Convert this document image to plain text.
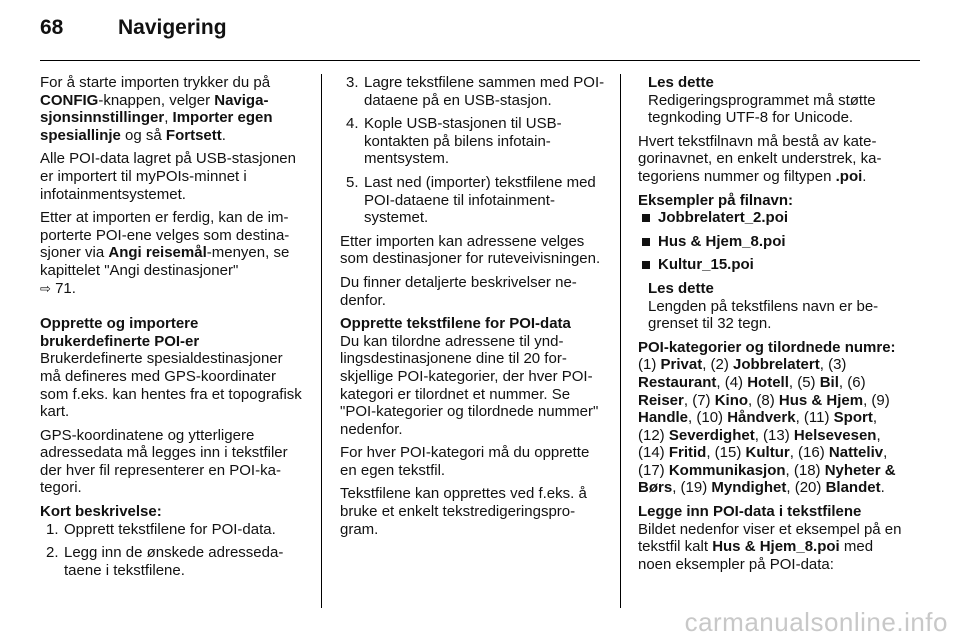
68	Navigering

For å starte importen trykker du på CONFIG-knappen, velger Navigasjonsinnstillinger, Importer egen spesiallinje og så Fortsett.

Alle POI-data lagret på USB-stasjonen er importert til myPOIs-minnet i infotainmentsystemet.

Etter at importen er ferdig, kan de importerte POI-ene velges som destinasjoner via Angi reisemål-menyen, se kapittelet "Angi destinasjoner"
⇨ 71.

Opprette og importere
brukerdefinerte POI-er

Brukerdefinerte spesialdestinasjoner må defineres med GPS-koordinater som f.eks. kan hentes fra et topografisk kart.

GPS-koordinatene og ytterligere adressedata må legges inn i tekstfiler der hver fil representerer en POI-kategori.

Kort beskrivelse:

1. Opprett tekstfilene for POI-data.
2. Legg inn de ønskede adressedataene i tekstfilene.
3. Lagre tekstfilene sammen med POI-dataene på en USB-stasjon.
4. Kople USB-stasjonen til USB-kontakten på bilens infotainmentsystem.
5. Last ned (importer) tekstfilene med POI-dataene til infotainmentsystemet.

Etter importen kan adressene velges som destinasjoner for ruteveivisningen.

Du finner detaljerte beskrivelser nedenfor.

Opprette tekstfilene for POI-data

Du kan tilordne adressene til yndlingsdestinasjonene dine til 20 forskjellige POI-kategorier, der hver POI-kategori er tilordnet et nummer. Se "POI-kategorier og tilordnede nummer" nedenfor.

For hver POI-kategori må du opprette en egen tekstfil.

Tekstfilene kan opprettes ved f.eks. å bruke et enkelt tekstredigeringsprogram.

Les dette
Redigeringsprogrammet må støtte tegnkoding UTF-8 for Unicode.

Hvert tekstfilnavn må bestå av kategorinavnet, en enkelt understrek, kategoriens nummer og filtypen .poi.

Eksempler på filnavn:

Jobbrelatert_2.poi
Hus & Hjem_8.poi
Kultur_15.poi

Les dette
Lengden på tekstfilens navn er begrenset til 32 tegn.

POI-kategorier og tilordnede numre:

(1) Privat, (2) Jobbrelatert, (3) Restaurant, (4) Hotell, (5) Bil, (6) Reiser, (7) Kino, (8) Hus & Hjem, (9) Handle, (10) Håndverk, (11) Sport, (12) Severdighet, (13) Helsevesen, (14) Fritid, (15) Kultur, (16) Natteliv, (17) Kommunikasjon, (18) Nyheter & Børs, (19) Myndighet, (20) Blandet.

Legge inn POI-data i tekstfilene

Bildet nedenfor viser et eksempel på en tekstfil kalt Hus & Hjem_8.poi med noen eksempler på POI-data:

carmanualsonline.info
